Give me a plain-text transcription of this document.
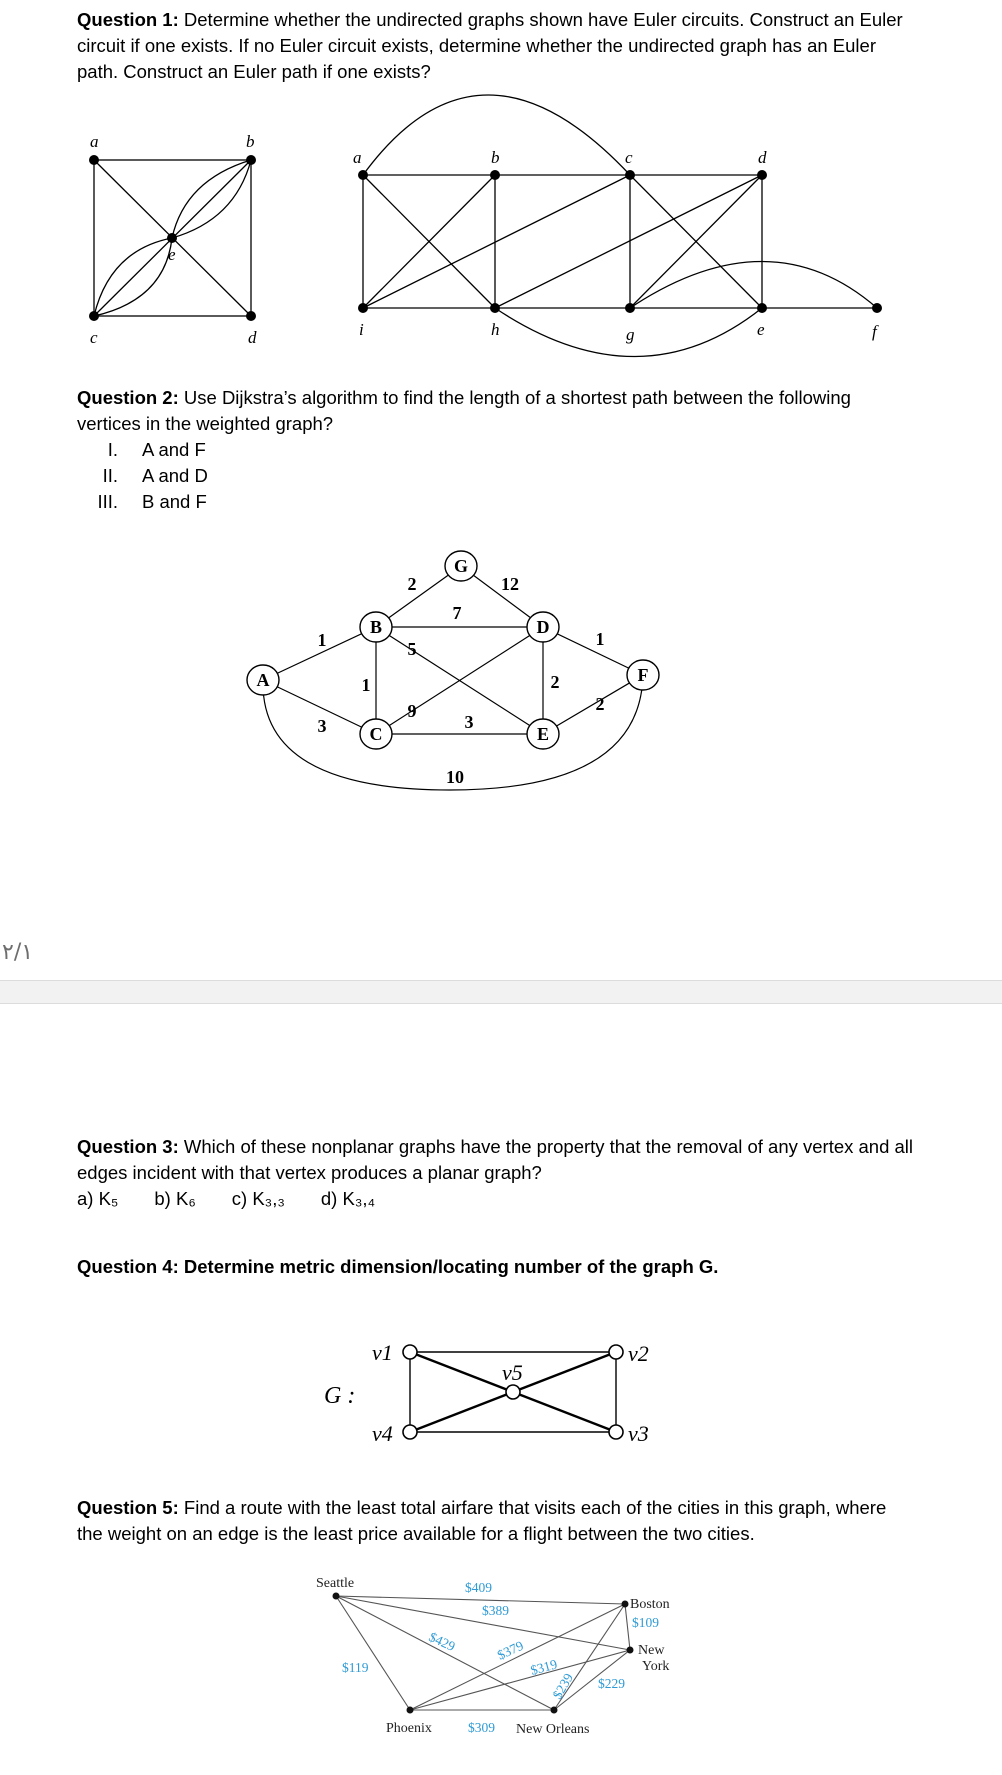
Question 1: Determine whether the undirected graphs shown have Euler circuits. Construct an Euler circuit if one exists. If no Euler circuit exists, determine whether the undirected graph has an Euler path. Construct an Euler path if one exists?
a	b
c	d
e
a	b	c	d
i	h	g	e	f
Question 2: Use Dijkstra’s algorithm to find the length of a shortest path between the following vertices in the weighted graph?
I.	A and F
II.	A and D
III.	B and F
A
B
C
D
E
F
G
1
3
2	12
7
5
1
9
3
2
1
2
10
٢/١
Question 3: Which of these nonplanar graphs have the property that the removal of any vertex and all edges incident with that vertex produces a planar graph?
a) K₅ b) K₆ c) K₃,₃ d) K₃,₄
Question 4: Determine metric dimension/locating number of the graph G.
G :
v1	v2
v3
v4
v5
Question 5: Find a route with the least total airfare that visits each of the cities in this graph, where the weight on an edge is the least price available for a flight between the two cities.
Seattle
Boston
New
York
Phoenix	New Orleans
$409
$389
$429	$379
$119	$319
$239 $229
$109
$309
